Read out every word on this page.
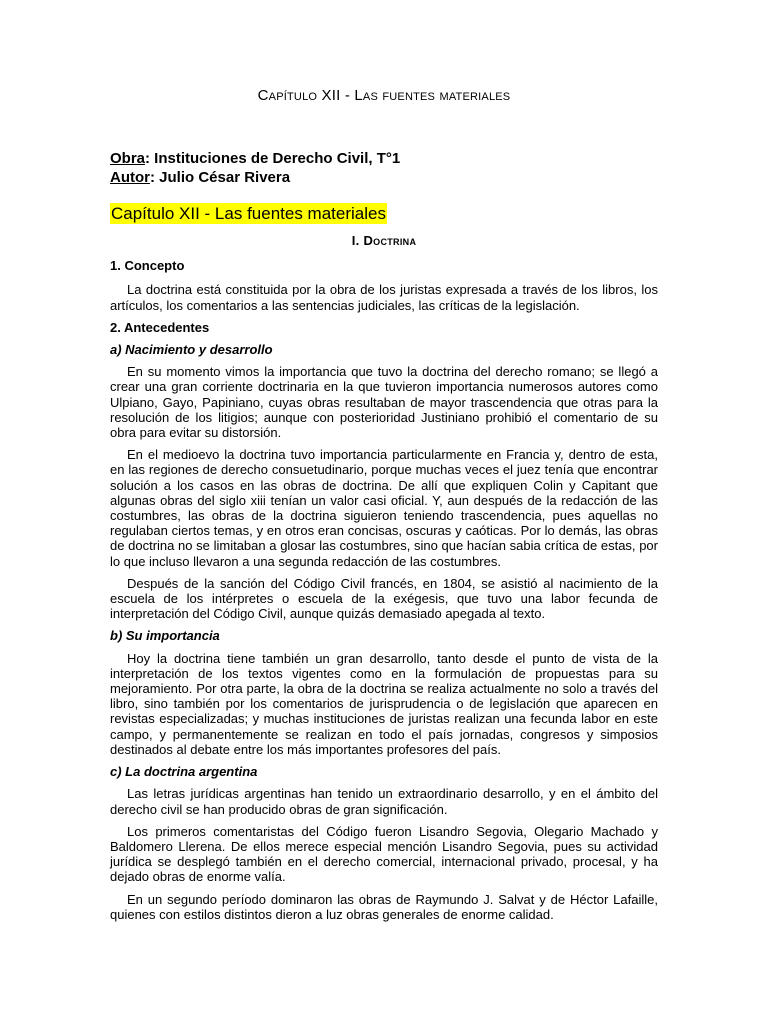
Capítulo XII - Las fuentes materiales
Obra: Instituciones de Derecho Civil, T°1
Autor: Julio César Rivera
Capítulo XII - Las fuentes materiales
I. Doctrina
1. Concepto
La doctrina está constituida por la obra de los juristas expresada a través de los libros, los artículos, los comentarios a las sentencias judiciales, las críticas de la legislación.
2. Antecedentes
a) Nacimiento y desarrollo
En su momento vimos la importancia que tuvo la doctrina del derecho romano; se llegó a crear una gran corriente doctrinaria en la que tuvieron importancia numerosos autores como Ulpiano, Gayo, Papiniano, cuyas obras resultaban de mayor trascendencia que otras para la resolución de los litigios; aunque con posterioridad Justiniano prohibió el comentario de su obra para evitar su distorsión.
En el medioevo la doctrina tuvo importancia particularmente en Francia y, dentro de esta, en las regiones de derecho consuetudinario, porque muchas veces el juez tenía que encontrar solución a los casos en las obras de doctrina. De allí que expliquen Colin y Capitant que algunas obras del siglo xiii tenían un valor casi oficial. Y, aun después de la redacción de las costumbres, las obras de la doctrina siguieron teniendo trascendencia, pues aquellas no regulaban ciertos temas, y en otros eran concisas, oscuras y caóticas. Por lo demás, las obras de doctrina no se limitaban a glosar las costumbres, sino que hacían sabia crítica de estas, por lo que incluso llevaron a una segunda redacción de las costumbres.
Después de la sanción del Código Civil francés, en 1804, se asistió al nacimiento de la escuela de los intérpretes o escuela de la exégesis, que tuvo una labor fecunda de interpretación del Código Civil, aunque quizás demasiado apegada al texto.
b) Su importancia
Hoy la doctrina tiene también un gran desarrollo, tanto desde el punto de vista de la interpretación de los textos vigentes como en la formulación de propuestas para su mejoramiento. Por otra parte, la obra de la doctrina se realiza actualmente no solo a través del libro, sino también por los comentarios de jurisprudencia o de legislación que aparecen en revistas especializadas; y muchas instituciones de juristas realizan una fecunda labor en este campo, y permanentemente se realizan en todo el país jornadas, congresos y simposios destinados al debate entre los más importantes profesores del país.
c) La doctrina argentina
Las letras jurídicas argentinas han tenido un extraordinario desarrollo, y en el ámbito del derecho civil se han producido obras de gran significación.
Los primeros comentaristas del Código fueron Lisandro Segovia, Olegario Machado y Baldomero Llerena. De ellos merece especial mención Lisandro Segovia, pues su actividad jurídica se desplegó también en el derecho comercial, internacional privado, procesal, y ha dejado obras de enorme valía.
En un segundo período dominaron las obras de Raymundo J. Salvat y de Héctor Lafaille, quienes con estilos distintos dieron a luz obras generales de enorme calidad.
